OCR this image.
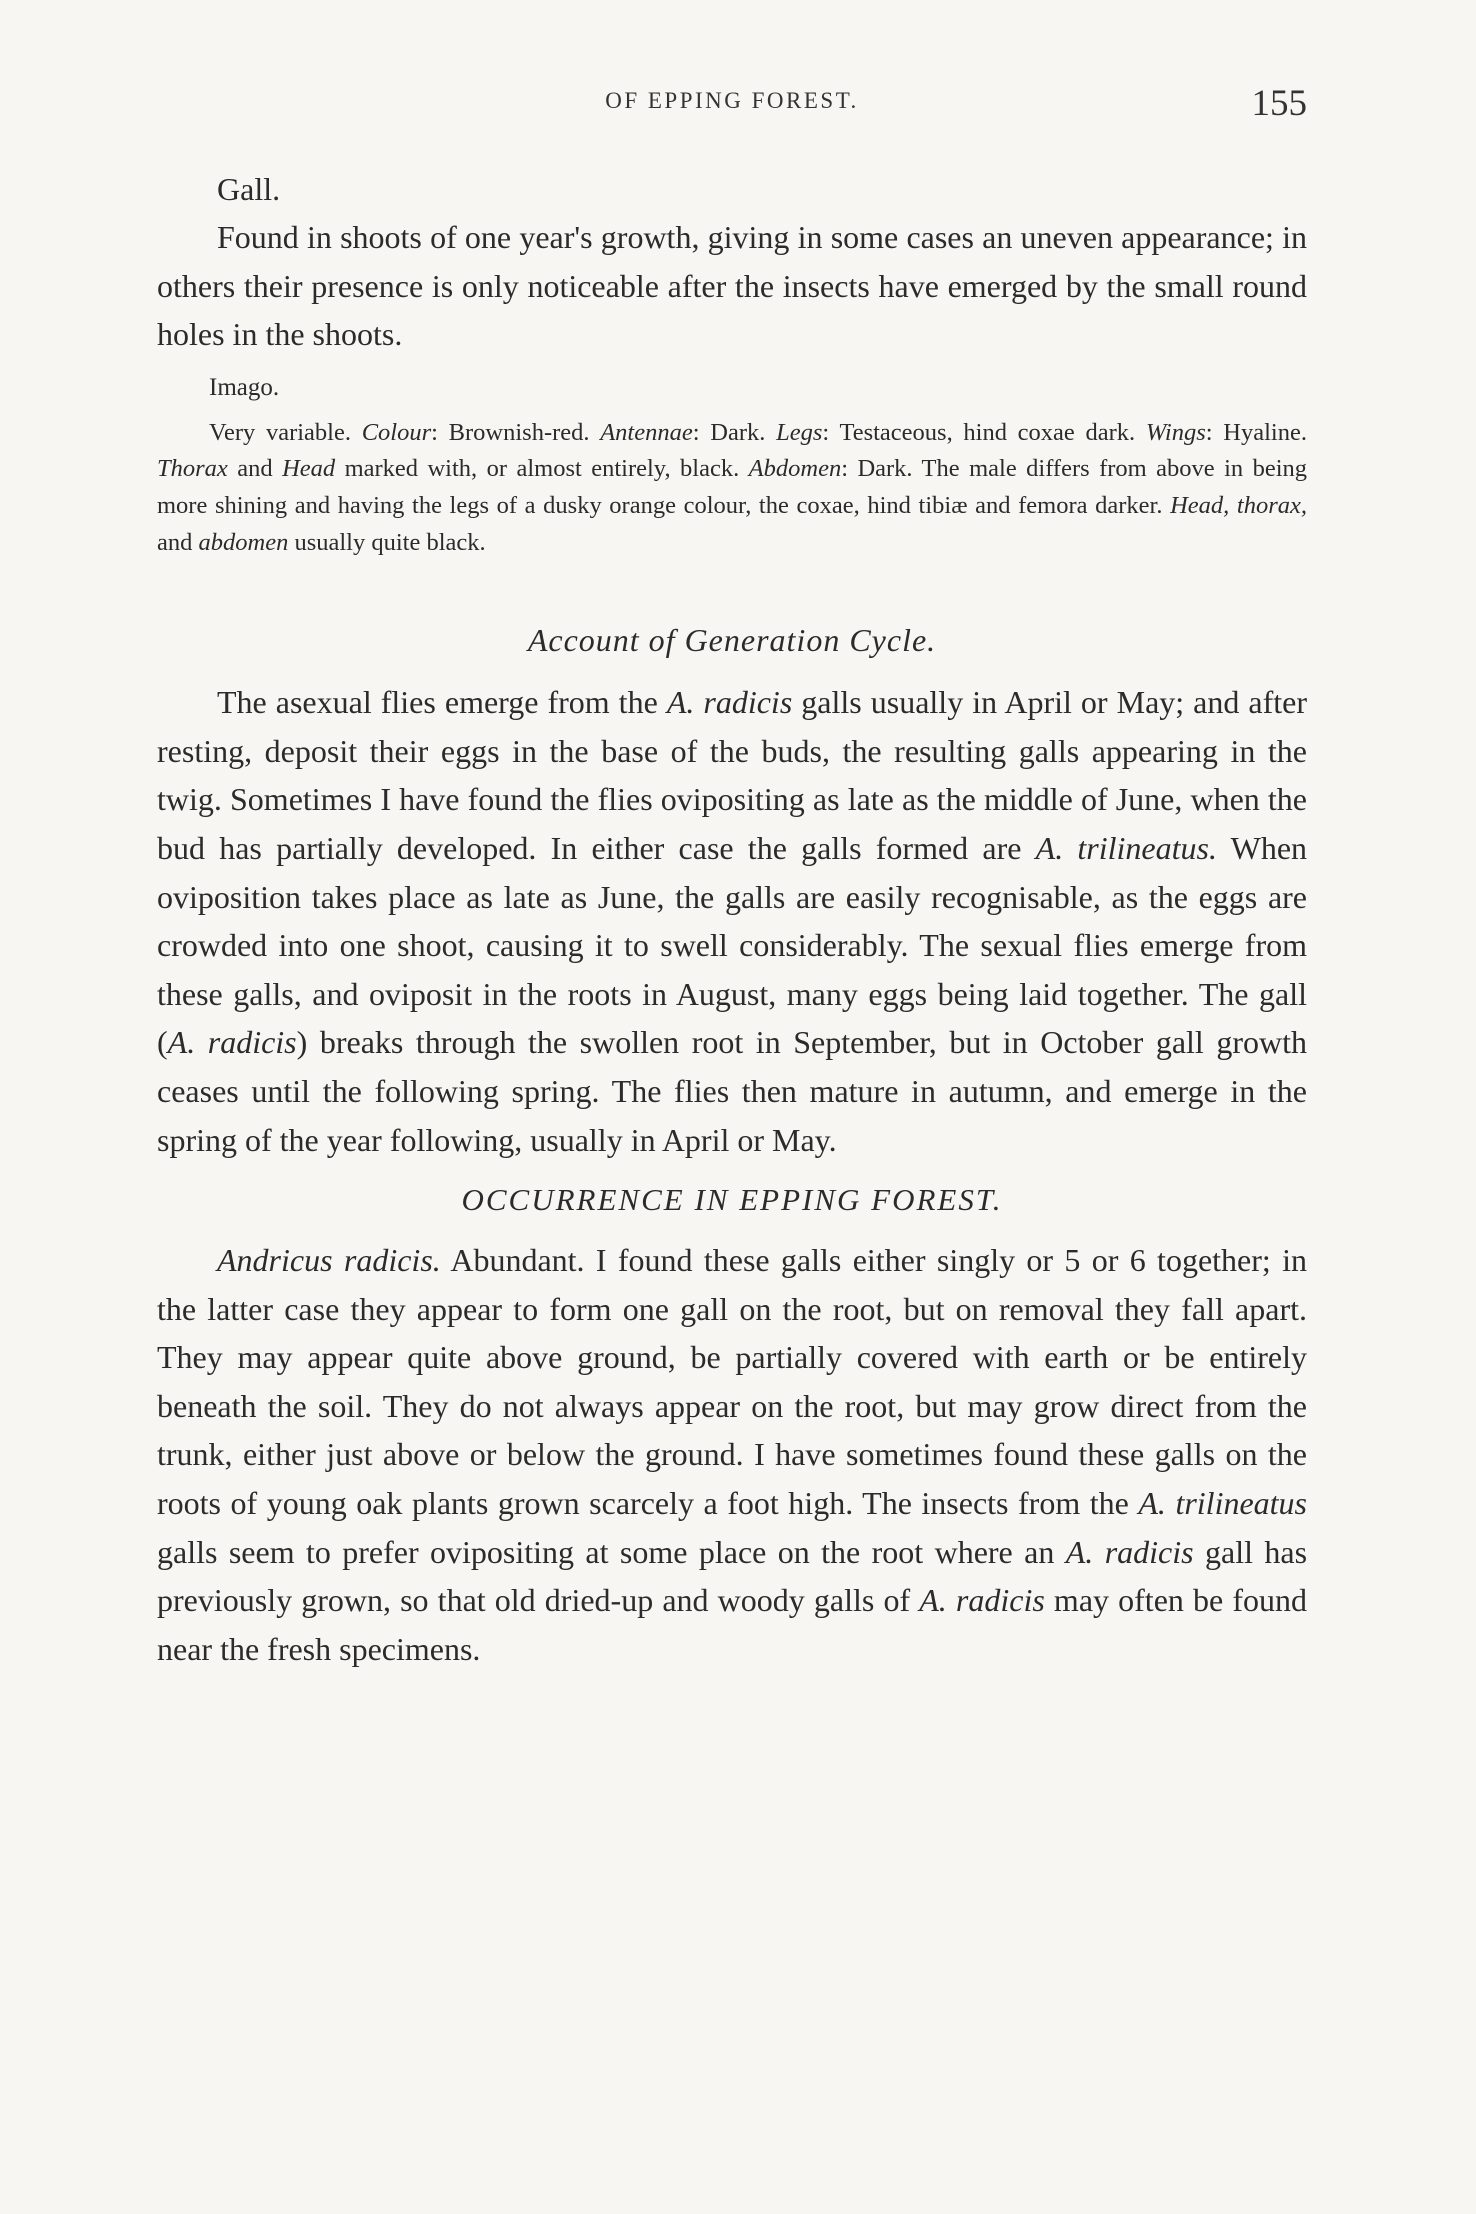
OF EPPING FOREST.	155
Gall.

Found in shoots of one year's growth, giving in some cases an uneven appearance; in others their presence is only noticeable after the insects have emerged by the small round holes in the shoots.

Imago.

Very variable. Colour: Brownish-red. Antennae: Dark. Legs: Testaceous, hind coxae dark. Wings: Hyaline. Thorax and Head marked with, or almost entirely, black. Abdomen: Dark. The male differs from above in being more shining and having the legs of a dusky orange colour, the coxae, hind tibiæ and femora darker. Head, thorax, and abdomen usually quite black.

Account of Generation Cycle.

The asexual flies emerge from the A. radicis galls usually in April or May; and after resting, deposit their eggs in the base of the buds, the resulting galls appearing in the twig. Sometimes I have found the flies ovipositing as late as the middle of June, when the bud has partially developed. In either case the galls formed are A. trilineatus. When oviposition takes place as late as June, the galls are easily recognisable, as the eggs are crowded into one shoot, causing it to swell considerably. The sexual flies emerge from these galls, and oviposit in the roots in August, many eggs being laid together. The gall (A. radicis) breaks through the swollen root in September, but in October gall growth ceases until the following spring. The flies then mature in autumn, and emerge in the spring of the year following, usually in April or May.

OCCURRENCE IN EPPING FOREST.

Andricus radicis. Abundant. I found these galls either singly or 5 or 6 together; in the latter case they appear to form one gall on the root, but on removal they fall apart. They may appear quite above ground, be partially covered with earth or be entirely beneath the soil. They do not always appear on the root, but may grow direct from the trunk, either just above or below the ground. I have sometimes found these galls on the roots of young oak plants grown scarcely a foot high. The insects from the A. trilineatus galls seem to prefer ovipositing at some place on the root where an A. radicis gall has previously grown, so that old dried-up and woody galls of A. radicis may often be found near the fresh specimens.
